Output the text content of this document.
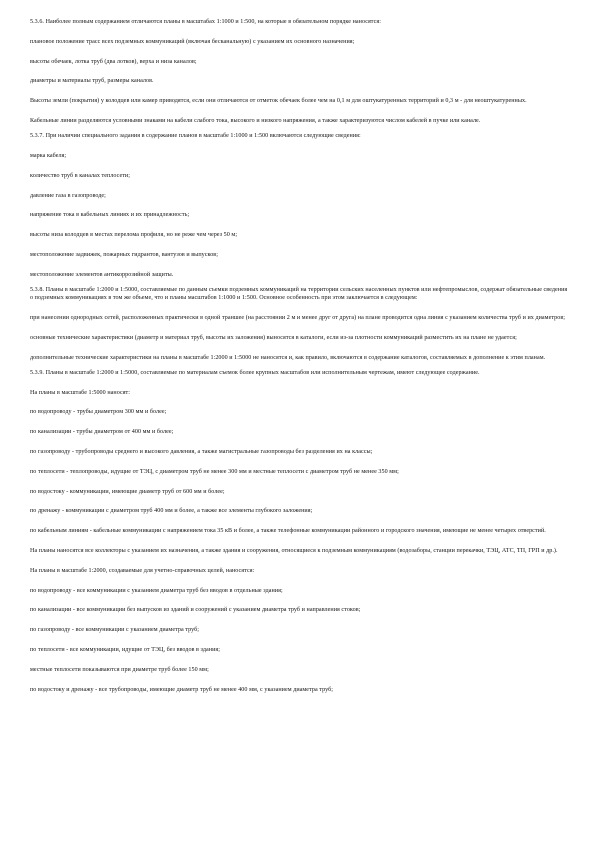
5.3.6. Наиболее полным содержанием отличаются планы в масштабах 1:1000 и 1:500, на которые в обязательном порядке наносятся:

плановое положение трасс всех подземных коммуникаций (включая бесканальную) с указанием их основного назначения;

высоты обечаек, лотка труб (два лотков), верха и низа каналов;

диаметры и материалы труб, размеры каналов.

Высоты земли (покрытия) у колодцев или камер приводятся, если они отличаются от отметок обечаек более чем на 0,1 м для оштукатуренных территорий и 0,3 м - для неоштукатуренных.

Кабельные линии разделяются условными знаками на кабели слабого тока, высокого и низкого напряжения, а также характеризуются числом кабелей в пучке или канале.

5.3.7. При наличии специального задания в содержание планов в масштабе 1:1000 и 1:500 включаются следующие сведения:

марка кабеля;

количество труб в каналах теплосети;

давление газа в газопроводе;

напряжение тока в кабельных линиях и их принадлежность;

высоты низа колодцев в местах перелома профиля, но не реже чем через 50 м;

местоположение задвижек, пожарных гидрантов, вантузов и выпусков;

местоположение элементов антикоррозийной защиты.

5.3.8. Планы в масштабе 1:2000 и 1:5000, составляемые по данным съемки подземных коммуникаций на территории сельских населенных пунктов или нефтепромыслов, содержат обязательные сведения о подземных коммуникациях в том же объеме, что и планы масштабов 1:1000 и 1:500. Основное особенность при этом заключается в следующем:

при нанесении однородных сетей, расположенных практически в одной траншее (на расстоянии 2 м и менее друг от друга) на плане проводится одна линия с указанием количества труб и их диаметров;

основные технические характеристики (диаметр и материал труб, высоты их заложения) выносятся в каталоги, если из-за плотности коммуникаций разместить их на плане не удается;

дополнительные технические характеристики на планы в масштабе 1:2000 и 1:5000 не наносятся и, как правило, включаются в содержание каталогов, составляемых в дополнение к этим планам.

5.3.9. Планы в масштабе 1:2000 и 1:5000, составляемые по материалам съемок более крупных масштабов или исполнительным чертежам, имеют следующее содержание.

На планы в масштабе 1:5000 наносят:

по водопроводу - трубы диаметром 300 мм и более;

по канализации - трубы диаметром от 400 мм и более;

по газопроводу - трубопроводы среднего и высокого давления, а также магистральные газопроводы без разделения их на классы;

по теплосети - теплопроводы, идущие от ТЭЦ, с диаметром труб не менее 300 мм и местные теплосети с диаметром труб не менее 350 мм;

по водостоку - коммуникации, имеющие диаметр труб от 600 мм и более;

по дренажу - коммуникации с диаметром труб 400 мм и более, а также все элементы глубокого заложения;

по кабельным линиям - кабельные коммуникации с напряжением тока 35 кВ и более, а также телефонные коммуникации районного и городского значения, имеющие не менее четырех отверстий.

На планы наносятся все коллекторы с указанием их назначения, а также здания и сооружения, относящиеся к подземным коммуникациям (водозаборы, станции перекачки, ТЭЦ, АТС, ТП, ГРП и др.).

На планы в масштабе 1:2000, создаваемые для учетно-справочных целей, наносятся:

по водопроводу - все коммуникации с указанием диаметра труб без вводов в отдельные здания;

по канализации - все коммуникации без выпусков из зданий и сооружений с указанием диаметра труб и направления стоков;

по газопроводу - все коммуникации с указанием диаметра труб;

по теплосети - все коммуникации, идущие от ТЭЦ, без вводов в здания;

местные теплосети показываются при диаметре труб более 150 мм;

по водостоку и дренажу - все трубопроводы, имеющие диаметр труб не менее 400 мм, с указанием диаметра труб;
